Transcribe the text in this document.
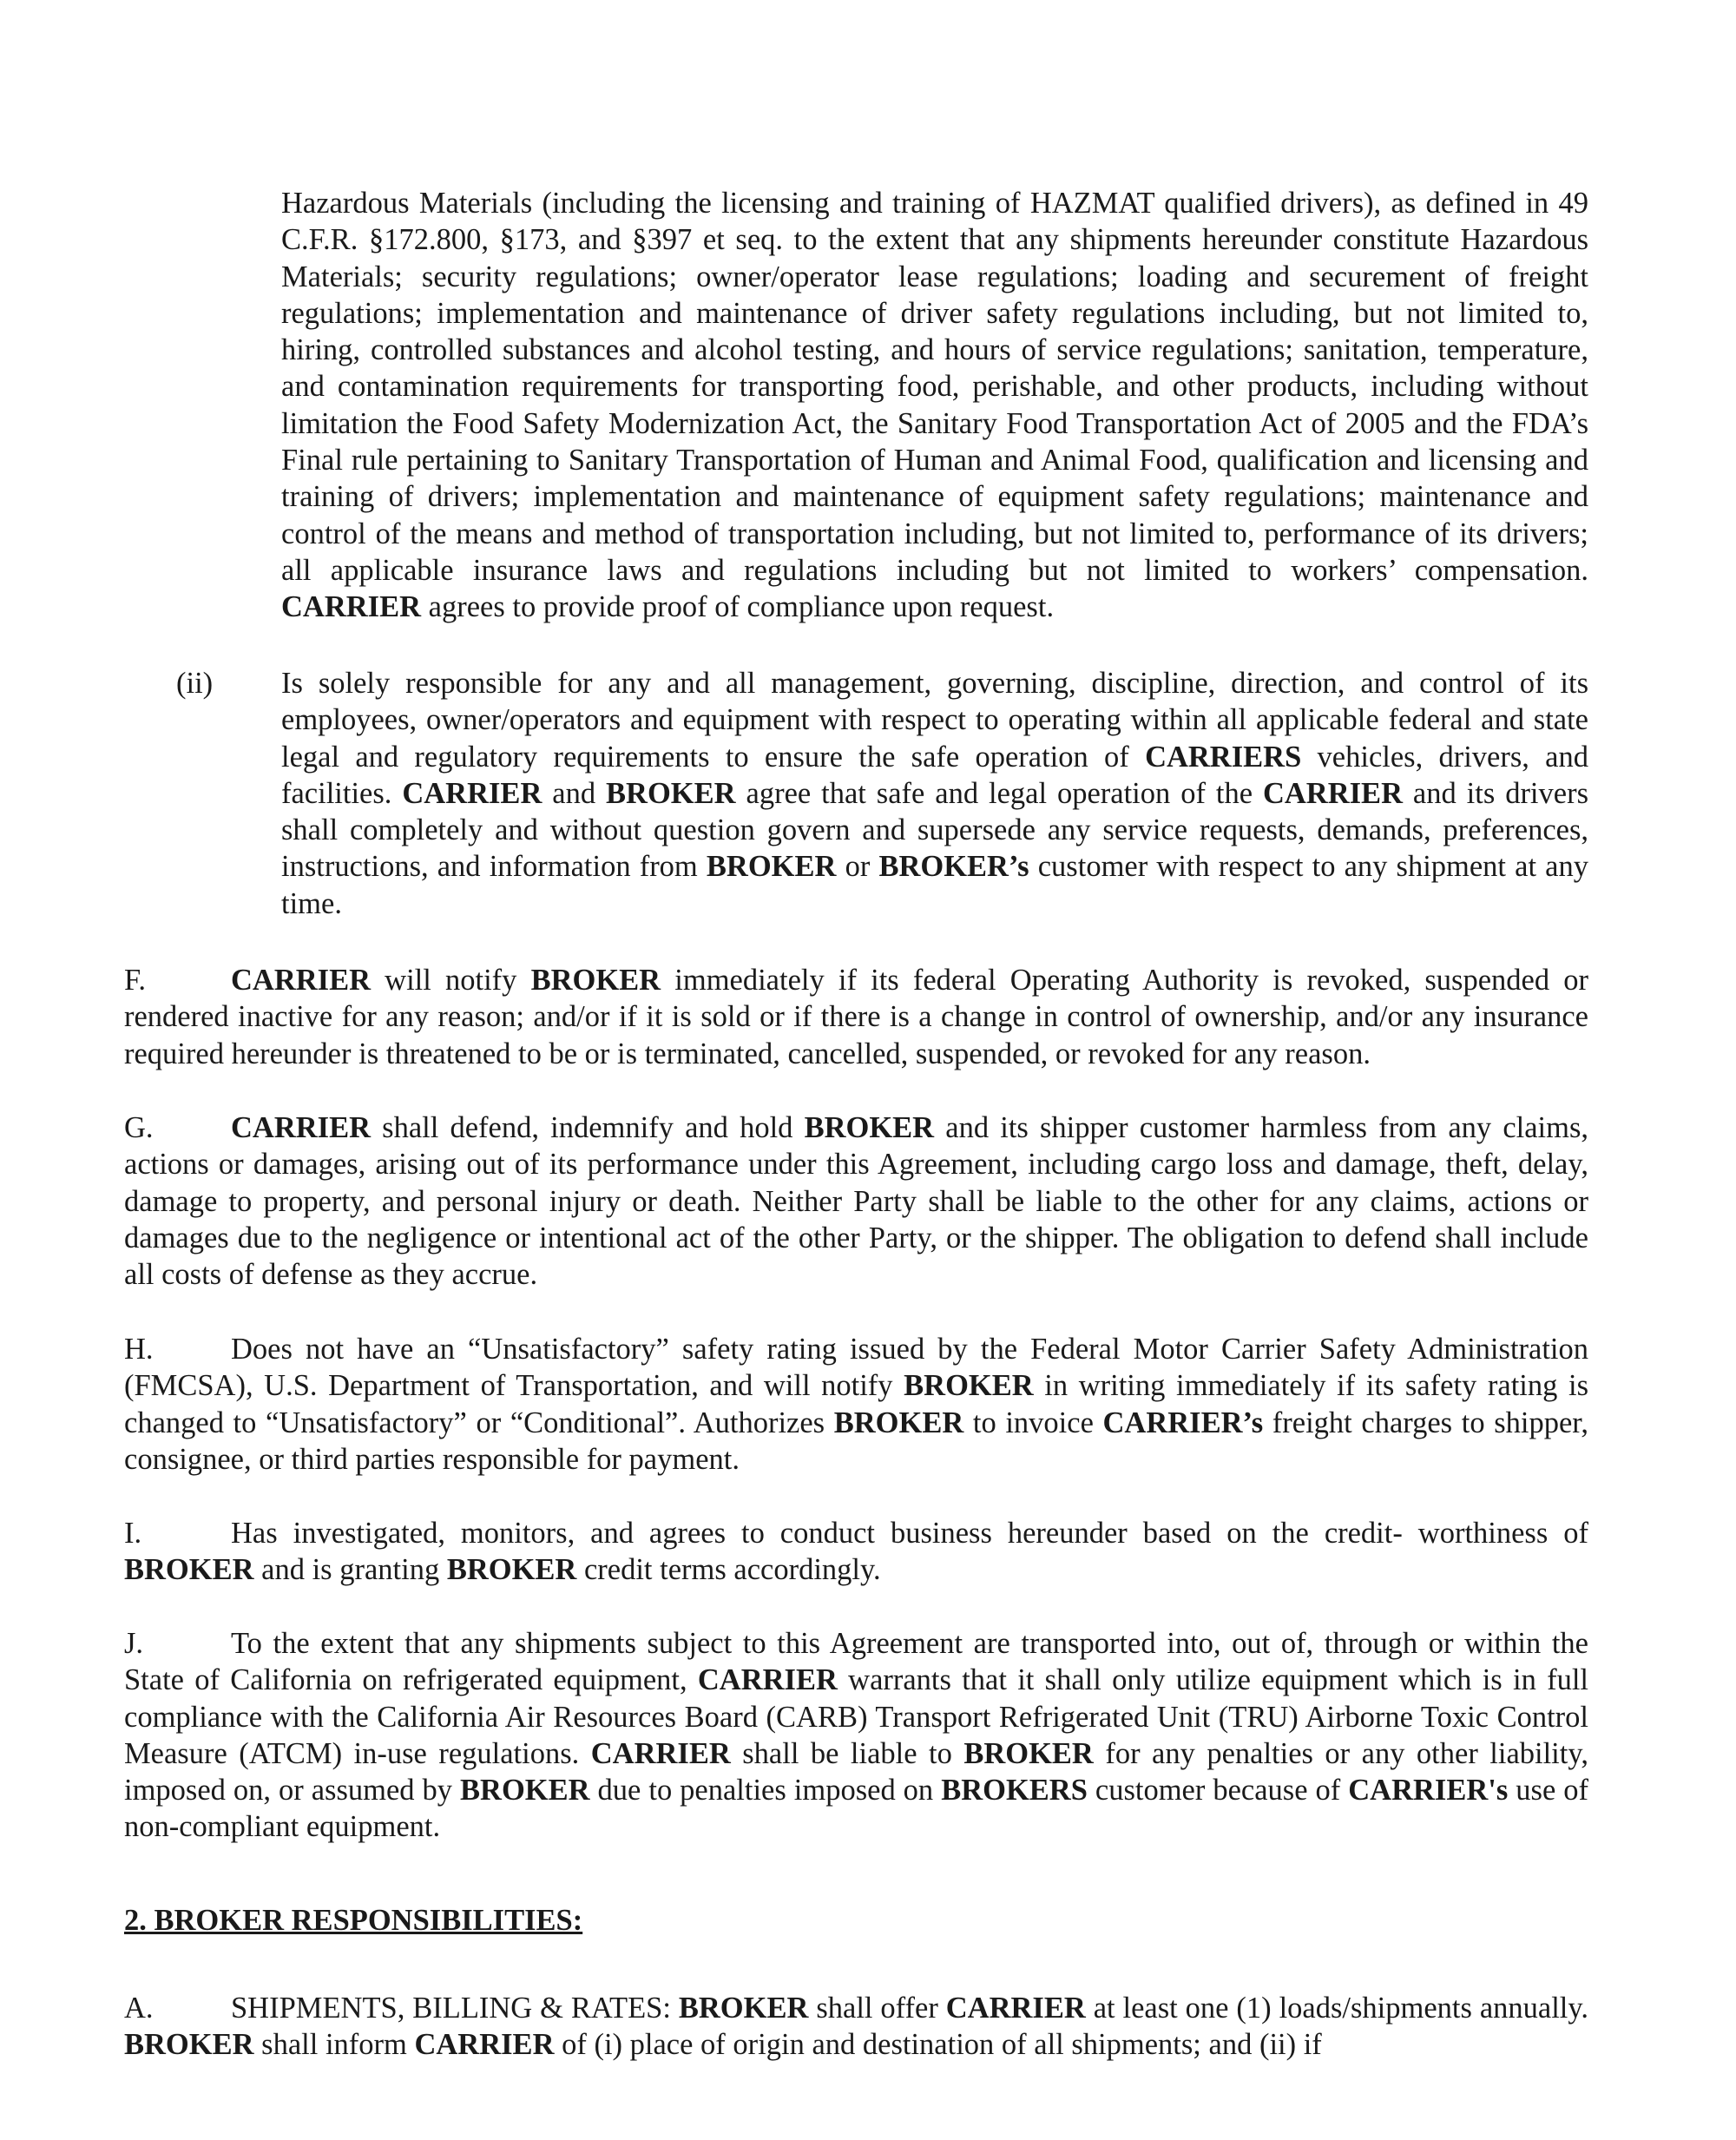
Hazardous Materials (including the licensing and training of HAZMAT qualified drivers), as defined in 49 C.F.R. §172.800, §173, and §397 et seq. to the extent that any shipments hereunder constitute Hazardous Materials; security regulations; owner/operator lease regulations; loading and securement of freight regulations; implementation and maintenance of driver safety regulations including, but not limited to, hiring, controlled substances and alcohol testing, and hours of service regulations; sanitation, temperature, and contamination requirements for transporting food, perishable, and other products, including without limitation the Food Safety Modernization Act, the Sanitary Food Transportation Act of 2005 and the FDA’s Final rule pertaining to Sanitary Transportation of Human and Animal Food, qualification and licensing and training of drivers; implementation and maintenance of equipment safety regulations; maintenance and control of the means and method of transportation including, but not limited to, performance of its drivers; all applicable insurance laws and regulations including but not limited to workers’ compensation. CARRIER agrees to provide proof of compliance upon request.
(ii) Is solely responsible for any and all management, governing, discipline, direction, and control of its employees, owner/operators and equipment with respect to operating within all applicable federal and state legal and regulatory requirements to ensure the safe operation of CARRIERS vehicles, drivers, and facilities. CARRIER and BROKER agree that safe and legal operation of the CARRIER and its drivers shall completely and without question govern and supersede any service requests, demands, preferences, instructions, and information from BROKER or BROKER’s customer with respect to any shipment at any time.
F.	CARRIER will notify BROKER immediately if its federal Operating Authority is revoked, suspended or rendered inactive for any reason; and/or if it is sold or if there is a change in control of ownership, and/or any insurance required hereunder is threatened to be or is terminated, cancelled, suspended, or revoked for any reason.
G.	CARRIER shall defend, indemnify and hold BROKER and its shipper customer harmless from any claims, actions or damages, arising out of its performance under this Agreement, including cargo loss and damage, theft, delay, damage to property, and personal injury or death. Neither Party shall be liable to the other for any claims, actions or damages due to the negligence or intentional act of the other Party, or the shipper. The obligation to defend shall include all costs of defense as they accrue.
H.	Does not have an “Unsatisfactory” safety rating issued by the Federal Motor Carrier Safety Administration (FMCSA), U.S. Department of Transportation, and will notify BROKER in writing immediately if its safety rating is changed to “Unsatisfactory” or “Conditional”. Authorizes BROKER to invoice CARRIER’s freight charges to shipper, consignee, or third parties responsible for payment.
I.	Has investigated, monitors, and agrees to conduct business hereunder based on the credit- worthiness of BROKER and is granting BROKER credit terms accordingly.
J.	To the extent that any shipments subject to this Agreement are transported into, out of, through or within the State of California on refrigerated equipment, CARRIER warrants that it shall only utilize equipment which is in full compliance with the California Air Resources Board (CARB) Transport Refrigerated Unit (TRU) Airborne Toxic Control Measure (ATCM) in-use regulations. CARRIER shall be liable to BROKER for any penalties or any other liability, imposed on, or assumed by BROKER due to penalties imposed on BROKERS customer because of CARRIER's use of non-compliant equipment.
2. BROKER RESPONSIBILITIES:
A.	SHIPMENTS, BILLING & RATES: BROKER shall offer CARRIER at least one (1) loads/shipments annually. BROKER shall inform CARRIER of (i) place of origin and destination of all shipments; and (ii) if
